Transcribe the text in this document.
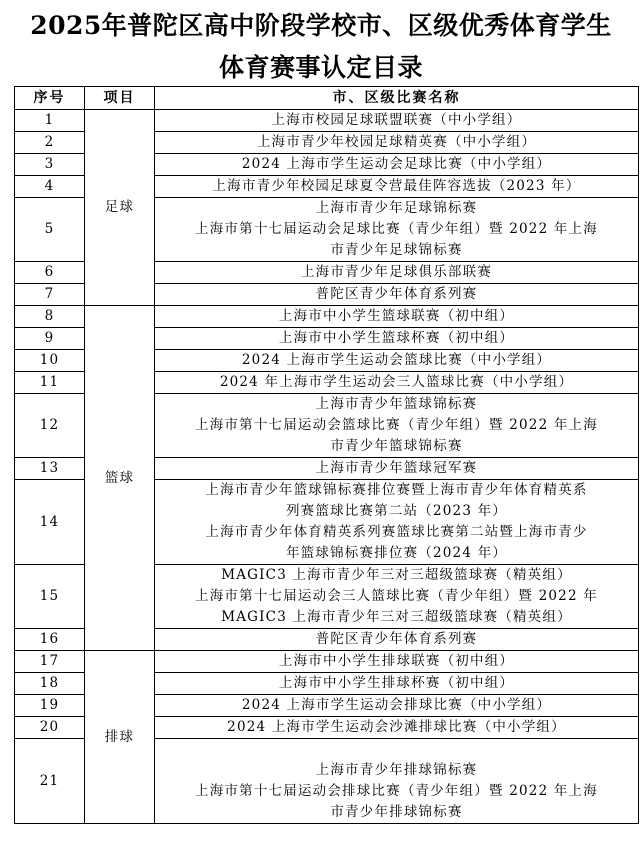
2025年普陀区高中阶段学校市、区级优秀体育学生
体育赛事认定目录
序号	项目	市、区级比赛名称
1	足球	上海市校园足球联盟联赛（中小学组）

2		上海市青少年校园足球精英赛（中小学组）

3		2024 上海市学生运动会足球比赛（中小学组）

4		上海市青少年校园足球夏令营最佳阵容选拔（2023 年）

5		上海市青少年足球锦标赛
上海市第十七届运动会足球比赛（青少年组）暨 2022 年上海
市青少年足球锦标赛

6		上海市青少年足球俱乐部联赛

7		普陀区青少年体育系列赛

8	篮球	上海市中小学生篮球联赛（初中组）

9		上海市中小学生篮球杯赛（初中组）

10		2024 上海市学生运动会篮球比赛（中小学组）

11		2024 年上海市学生运动会三人篮球比赛（中小学组）

12		上海市青少年篮球锦标赛
上海市第十七届运动会篮球比赛（青少年组）暨 2022 年上海
市青少年篮球锦标赛

13		上海市青少年篮球冠军赛

14		上海市青少年篮球锦标赛排位赛暨上海市青少年体育精英系
列赛篮球比赛第二站（2023 年）
上海市青少年体育精英系列赛篮球比赛第二站暨上海市青少
年篮球锦标赛排位赛（2024 年）

15		MAGIC3 上海市青少年三对三超级篮球赛（精英组）
上海市第十七届运动会三人篮球比赛（青少年组）暨 2022 年
MAGIC3 上海市青少年三对三超级篮球赛（精英组）

16		普陀区青少年体育系列赛

17	排球	上海市中小学生排球联赛（初中组）

18		上海市中小学生排球杯赛（初中组）

19		2024 上海市学生运动会排球比赛（中小学组）

20		2024 上海市学生运动会沙滩排球比赛（中小学组）

21		上海市青少年排球锦标赛
上海市第十七届运动会排球比赛（青少年组）暨 2022 年上海
市青少年排球锦标赛
